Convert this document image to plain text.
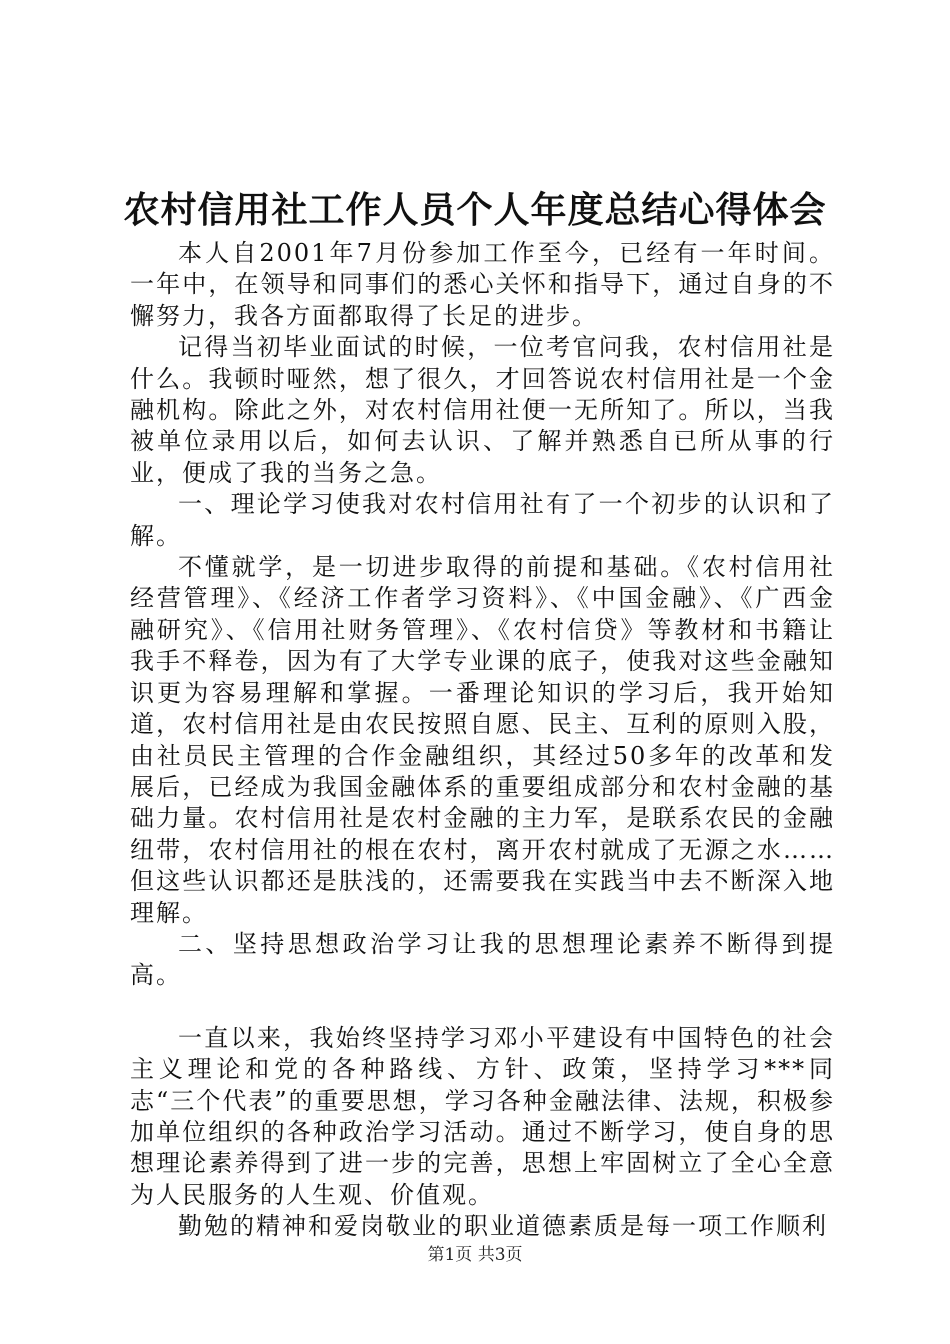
农村信用社工作人员个人年度总结心得体会

本人自2001年7月份参加工作至今，已经有一年时间。一年中，在领导和同事们的悉心关怀和指导下，通过自身的不懈努力，我各方面都取得了长足的进步。

记得当初毕业面试的时候，一位考官问我，农村信用社是什么。我顿时哑然，想了很久，才回答说农村信用社是一个金融机构。除此之外，对农村信用社便一无所知了。所以，当我被单位录用以后，如何去认识、了解并熟悉自已所从事的行业，便成了我的当务之急。

一、理论学习使我对农村信用社有了一个初步的认识和了解。

不懂就学，是一切进步取得的前提和基础。《农村信用社经营管理》、《经济工作者学习资料》、《中国金融》、《广西金融研究》、《信用社财务管理》、《农村信贷》等教材和书籍让我手不释卷，因为有了大学专业课的底子，使我对这些金融知识更为容易理解和掌握。一番理论知识的学习后，我开始知道，农村信用社是由农民按照自愿、民主、互利的原则入股，由社员民主管理的合作金融组织，其经过50多年的改革和发展后，已经成为我国金融体系的重要组成部分和农村金融的基础力量。农村信用社是农村金融的主力军，是联系农民的金融纽带，农村信用社的根在农村，离开农村就成了无源之水……但这些认识都还是肤浅的，还需要我在实践当中去不断深入地理解。

二、坚持思想政治学习让我的思想理论素养不断得到提高。

一直以来，我始终坚持学习邓小平建设有中国特色的社会主义理论和党的各种路线、方针、政策，坚持学习***同志“三个代表”的重要思想，学习各种金融法律、法规，积极参加单位组织的各种政治学习活动。通过不断学习，使自身的思想理论素养得到了进一步的完善，思想上牢固树立了全心全意为人民服务的人生观、价值观。

勤勉的精神和爱岗敬业的职业道德素质是每一项工作顺利

第1页 共3页
